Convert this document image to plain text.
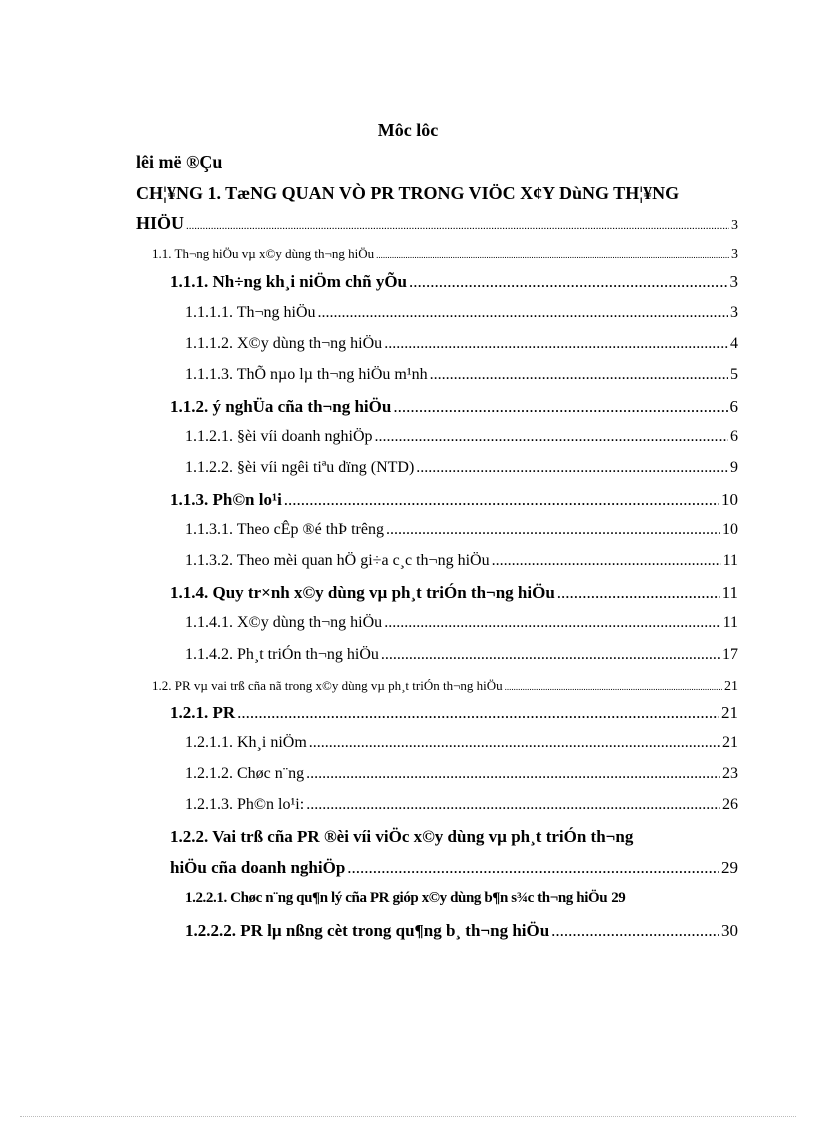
Môc lôc
lêi më ®Çu
CH¦¥NG 1. TæNG QUAN VÒ PR TRONG VIÖC X¢Y DùNG TH¦¥NG
HIÖU .....	3
1.1. Th¬ng hiÖu vµ x©y dùng th¬ng hiÖu .....	3
1.1.1. Nh÷ng kh¸i niÖm chñ yÕu .....	3
1.1.1.1. Th¬ng hiÖu .....	3
1.1.1.2. X©y dùng th¬ng hiÖu .....	4
1.1.1.3. ThÕ nµo lµ th¬ng hiÖu m¹nh .....	5
1.1.2. ý nghÜa cña th¬ng hiÖu .....	6
1.1.2.1. §èi víi doanh nghiÖp .....	6
1.1.2.2. §èi víi ngêi tiªu dïng (NTD) .....	9
1.1.3. Ph©n lo¹i .....	10
1.1.3.1. Theo cÊp ®é thÞ trêng .....	10
1.1.3.2. Theo mèi quan hÖ gi÷a c¸c th¬ng hiÖu .....	11
1.1.4. Quy tr×nh x©y dùng vµ ph¸t triÓn th¬ng hiÖu .....	11
1.1.4.1. X©y dùng th¬ng hiÖu .....	11
1.1.4.2. Ph¸t triÓn th¬ng hiÖu .....	17
1.2. PR vµ vai trß cña nã trong x©y dùng vµ ph¸t triÓn th¬ng hiÖu .....	21
1.2.1. PR .....	21
1.2.1.1. Kh¸i niÖm .....	21
1.2.1.2. Chøc n¨ng .....	23
1.2.1.3. Ph©n lo¹i: .....	26
1.2.2. Vai trß cña PR ®èi víi viÖc x©y dùng vµ ph¸t triÓn th¬ng
hiÖu cña doanh nghiÖp .....	29
1.2.2.1. Chøc n¨ng qu¶n lý cña PR gióp x©y dùng b¶n s¾c th¬ng hiÖu 29
1.2.2.2. PR lµ nßng cèt trong qu¶ng b¸ th¬ng hiÖu .....	30
